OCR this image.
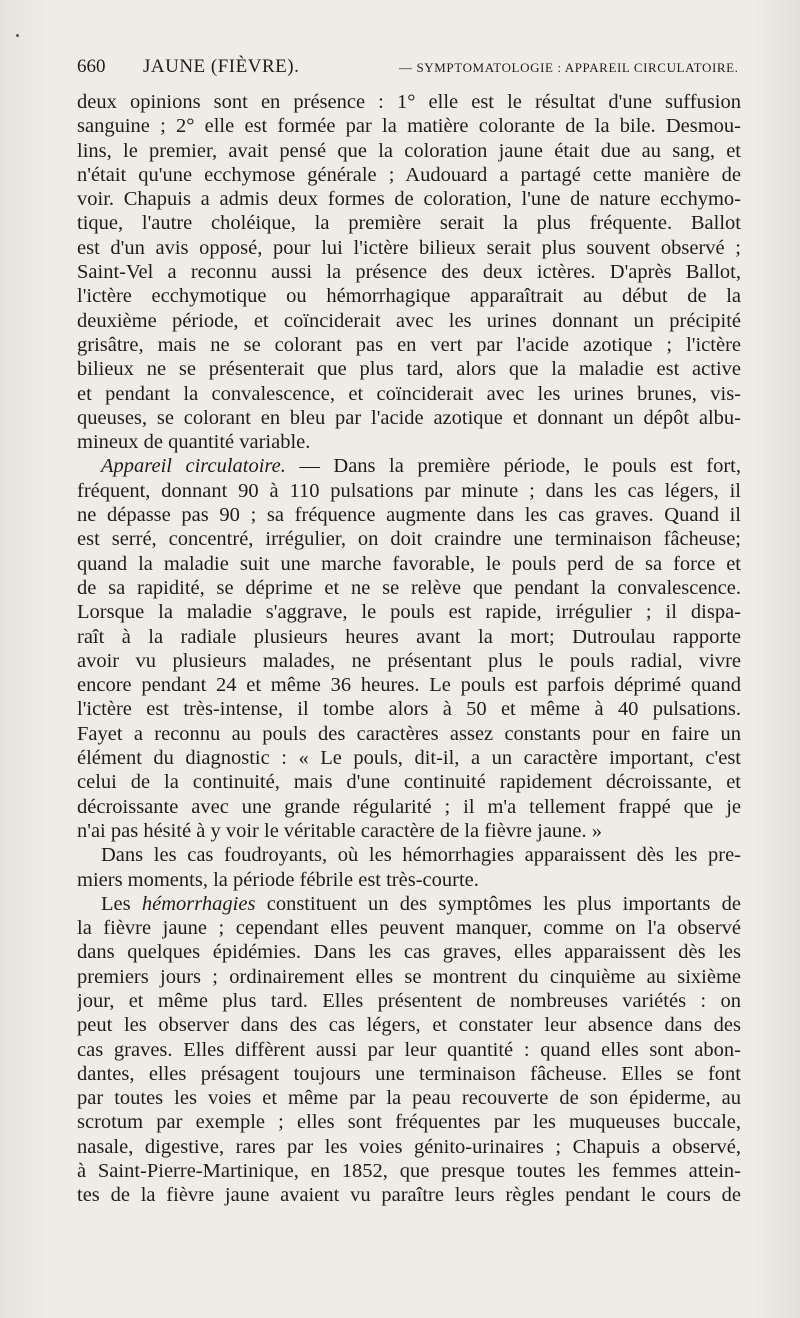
660 JAUNE (FIÈVRE).	— SYMPTOMATOLOGIE : APPAREIL CIRCULATOIRE.
deux opinions sont en présence : 1° elle est le résultat d'une suffusion
sanguine ; 2° elle est formée par la matière colorante de la bile. Desmou-
lins, le premier, avait pensé que la coloration jaune était due au sang, et
n'était qu'une ecchymose générale ; Audouard a partagé cette manière de
voir. Chapuis a admis deux formes de coloration, l'une de nature ecchymo-
tique, l'autre choléique, la première serait la plus fréquente. Ballot
est d'un avis opposé, pour lui l'ictère bilieux serait plus souvent observé ;
Saint-Vel a reconnu aussi la présence des deux ictères. D'après Ballot,
l'ictère ecchymotique ou hémorrhagique apparaîtrait au début de la
deuxième période, et coïnciderait avec les urines donnant un précipité
grisâtre, mais ne se colorant pas en vert par l'acide azotique ; l'ictère
bilieux ne se présenterait que plus tard, alors que la maladie est active
et pendant la convalescence, et coïnciderait avec les urines brunes, vis-
queuses, se colorant en bleu par l'acide azotique et donnant un dépôt albu-
mineux de quantité variable.
Appareil circulatoire. — Dans la première période, le pouls est fort,
fréquent, donnant 90 à 110 pulsations par minute ; dans les cas légers, il
ne dépasse pas 90 ; sa fréquence augmente dans les cas graves. Quand il
est serré, concentré, irrégulier, on doit craindre une terminaison fâcheuse;
quand la maladie suit une marche favorable, le pouls perd de sa force et
de sa rapidité, se déprime et ne se relève que pendant la convalescence.
Lorsque la maladie s'aggrave, le pouls est rapide, irrégulier ; il dispa-
raît à la radiale plusieurs heures avant la mort; Dutroulau rapporte
avoir vu plusieurs malades, ne présentant plus le pouls radial, vivre
encore pendant 24 et même 36 heures. Le pouls est parfois déprimé quand
l'ictère est très-intense, il tombe alors à 50 et même à 40 pulsations.
Fayet a reconnu au pouls des caractères assez constants pour en faire un
élément du diagnostic : « Le pouls, dit-il, a un caractère important, c'est
celui de la continuité, mais d'une continuité rapidement décroissante, et
décroissante avec une grande régularité ; il m'a tellement frappé que je
n'ai pas hésité à y voir le véritable caractère de la fièvre jaune. »
Dans les cas foudroyants, où les hémorrhagies apparaissent dès les pre-
miers moments, la période fébrile est très-courte.
Les hémorrhagies constituent un des symptômes les plus importants de
la fièvre jaune ; cependant elles peuvent manquer, comme on l'a observé
dans quelques épidémies. Dans les cas graves, elles apparaissent dès les
premiers jours ; ordinairement elles se montrent du cinquième au sixième
jour, et même plus tard. Elles présentent de nombreuses variétés : on
peut les observer dans des cas légers, et constater leur absence dans des
cas graves. Elles diffèrent aussi par leur quantité : quand elles sont abon-
dantes, elles présagent toujours une terminaison fâcheuse. Elles se font
par toutes les voies et même par la peau recouverte de son épiderme, au
scrotum par exemple ; elles sont fréquentes par les muqueuses buccale,
nasale, digestive, rares par les voies génito-urinaires ; Chapuis a observé,
à Saint-Pierre-Martinique, en 1852, que presque toutes les femmes attein-
tes de la fièvre jaune avaient vu paraître leurs règles pendant le cours de
